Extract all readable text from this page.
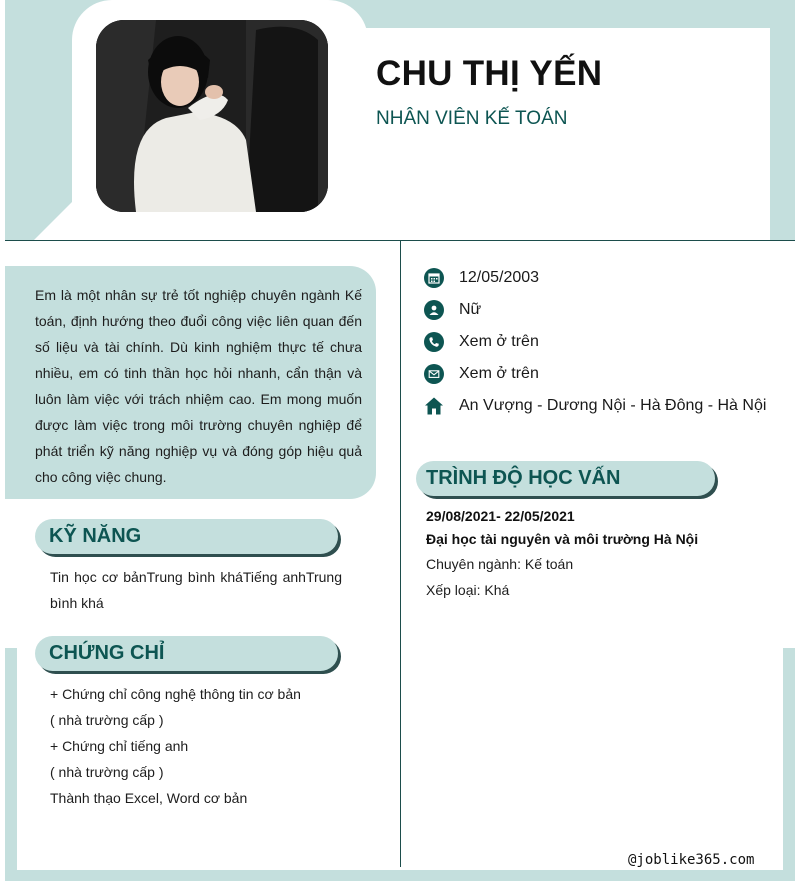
CHU THỊ YẾN
NHÂN VIÊN KẾ TOÁN

Em là một nhân sự trẻ tốt nghiệp chuyên ngành Kế toán, định hướng theo đuổi công việc liên quan đến số liệu và tài chính. Dù kinh nghiệm thực tế chưa nhiều, em có tinh thần học hỏi nhanh, cẩn thận và luôn làm việc với trách nhiệm cao. Em mong muốn được làm việc trong môi trường chuyên nghiệp để phát triển kỹ năng nghiệp vụ và đóng góp hiệu quả cho công việc chung.

KỸ NĂNG
Tin học cơ bảnTrung bình kháTiếng anhTrung bình khá
CHỨNG CHỈ
+ Chứng chỉ công nghệ thông tin cơ bản
( nhà trường cấp )
+ Chứng chỉ tiếng anh
( nhà trường cấp )
Thành thạo Excel, Word cơ bản
12/05/2003
Nữ
Xem ở trên
Xem ở trên
An Vượng - Dương Nội - Hà Đông - Hà Nội
TRÌNH ĐỘ HỌC VẤN
29/08/2021- 22/05/2021
Đại học tài nguyên và môi trường Hà Nội
Chuyên ngành: Kế toán
Xếp loại: Khá
@joblike365.com
